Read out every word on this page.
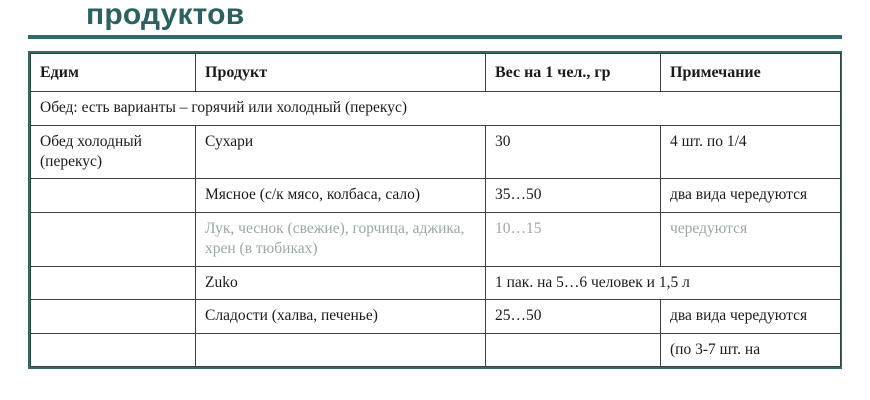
продуктов
Едим	Продукт	Вес на 1 чел., гр	Примечание
Обед: есть варианты – горячий или холодный (перекус)			
Обед холодный (перекус)	Сухари	30	4 шт. по 1/4
	Мясное (с/к мясо, колбаса, сало)	35…50	два вида чередуются
	Лук, чеснок (свежие), горчица, аджика, хрен (в тюбиках)	10…15	чередуются
	Zuko	1 пак. на 5…6 человек и 1,5 л	
	Сладости (халва, печенье)	25…50	два вида чередуются
			(по 3-7 шт. на
